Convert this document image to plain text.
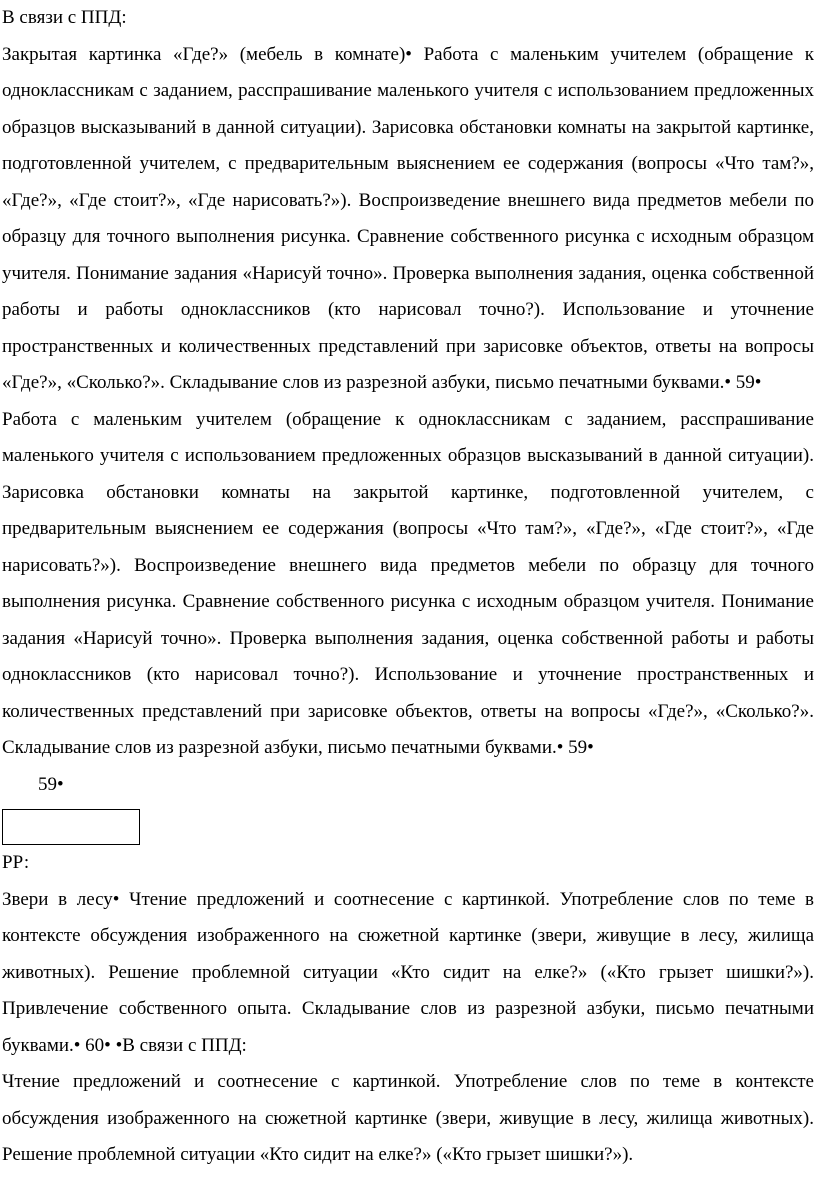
В связи с ППД:

Закрытая картинка «Где?» (мебель в комнате)• Работа с маленьким учителем (обращение к одноклассникам с заданием, расспрашивание маленького учителя с использованием предложенных образцов высказываний в данной ситуации). Зарисовка обстановки комнаты на закрытой картинке, подготовленной учителем, с предварительным выяснением ее содержания (вопросы «Что там?», «Где?», «Где стоит?», «Где нарисовать?»). Воспроизведение внешнего вида предметов мебели по образцу для точного выполнения рисунка. Сравнение собственного рисунка с исходным образцом учителя. Понимание задания «Нарисуй точно». Проверка выполнения задания, оценка собственной работы и работы одноклассников (кто нарисовал точно?). Использование и уточнение пространственных и количественных представлений при зарисовке объектов, ответы на вопросы «Где?», «Сколько?». Складывание слов из разрезной азбуки, письмо печатными буквами.• 59•

Работа с маленьким учителем (обращение к одноклассникам с заданием, расспрашивание маленького учителя с использованием предложенных образцов высказываний в данной ситуации). Зарисовка обстановки комнаты на закрытой картинке, подготовленной учителем, с предварительным выяснением ее содержания (вопросы «Что там?», «Где?», «Где стоит?», «Где нарисовать?»). Воспроизведение внешнего вида предметов мебели по образцу для точного выполнения рисунка. Сравнение собственного рисунка с исходным образцом учителя. Понимание задания «Нарисуй точно». Проверка выполнения задания, оценка собственной работы и работы одноклассников (кто нарисовал точно?). Использование и уточнение пространственных и количественных представлений при зарисовке объектов, ответы на вопросы «Где?», «Сколько?». Складывание слов из разрезной азбуки, письмо печатными буквами.• 59•

59•

РР:

Звери в лесу• Чтение предложений и соотнесение с картинкой. Употребление слов по теме в контексте обсуждения изображенного на сюжетной картинке (звери, живущие в лесу, жилища животных). Решение проблемной ситуации «Кто сидит на елке?» («Кто грызет шишки?»). Привлечение собственного опыта. Складывание слов из разрезной азбуки, письмо печатными буквами.• 60• •В связи с ППД:

Чтение предложений и соотнесение с картинкой. Употребление слов по теме в контексте обсуждения изображенного на сюжетной картинке (звери, живущие в лесу, жилища животных). Решение проблемной ситуации «Кто сидит на елке?» («Кто грызет шишки?»).
